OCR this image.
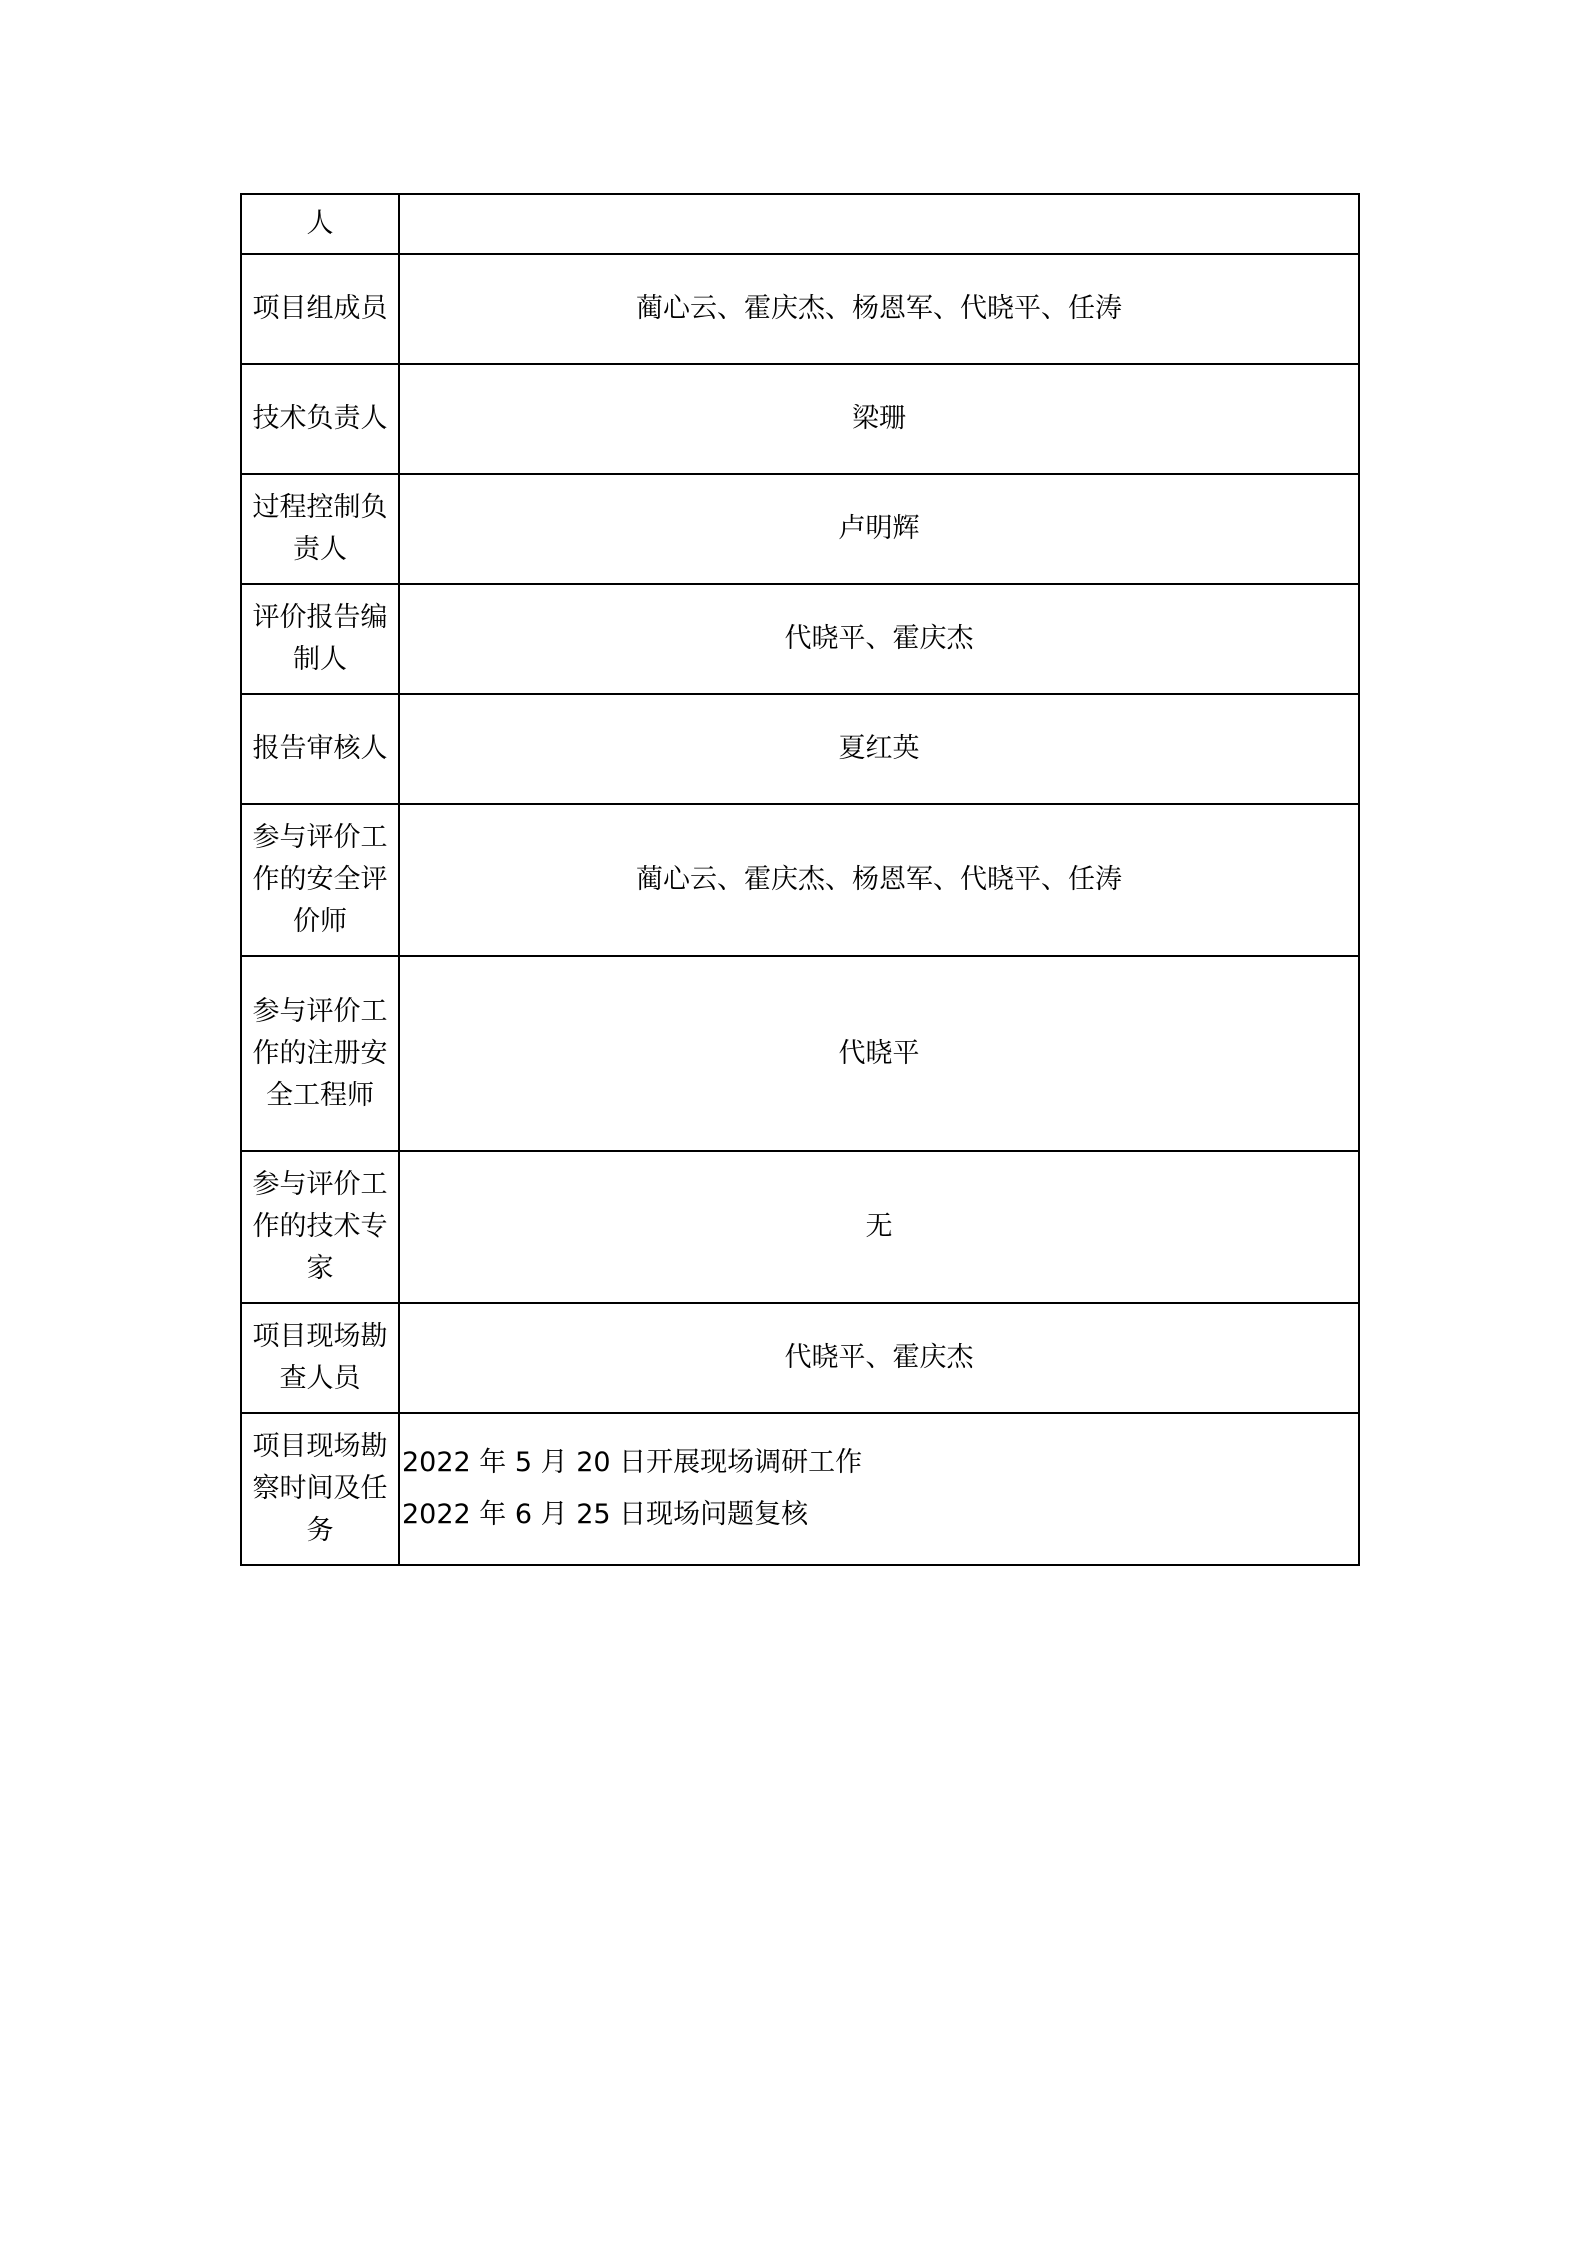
人	
项目组成员	蔺心云、霍庆杰、杨恩军、代晓平、任涛
技术负责人	梁珊
过程控制负责人	卢明辉
评价报告编制人	代晓平、霍庆杰
报告审核人	夏红英
参与评价工作的安全评价师	蔺心云、霍庆杰、杨恩军、代晓平、任涛
参与评价工作的注册安全工程师	代晓平
参与评价工作的技术专家	无
项目现场勘查人员	代晓平、霍庆杰
项目现场勘察时间及任务	2022 年 5 月 20 日开展现场调研工作
2022 年 6 月 25 日现场问题复核
